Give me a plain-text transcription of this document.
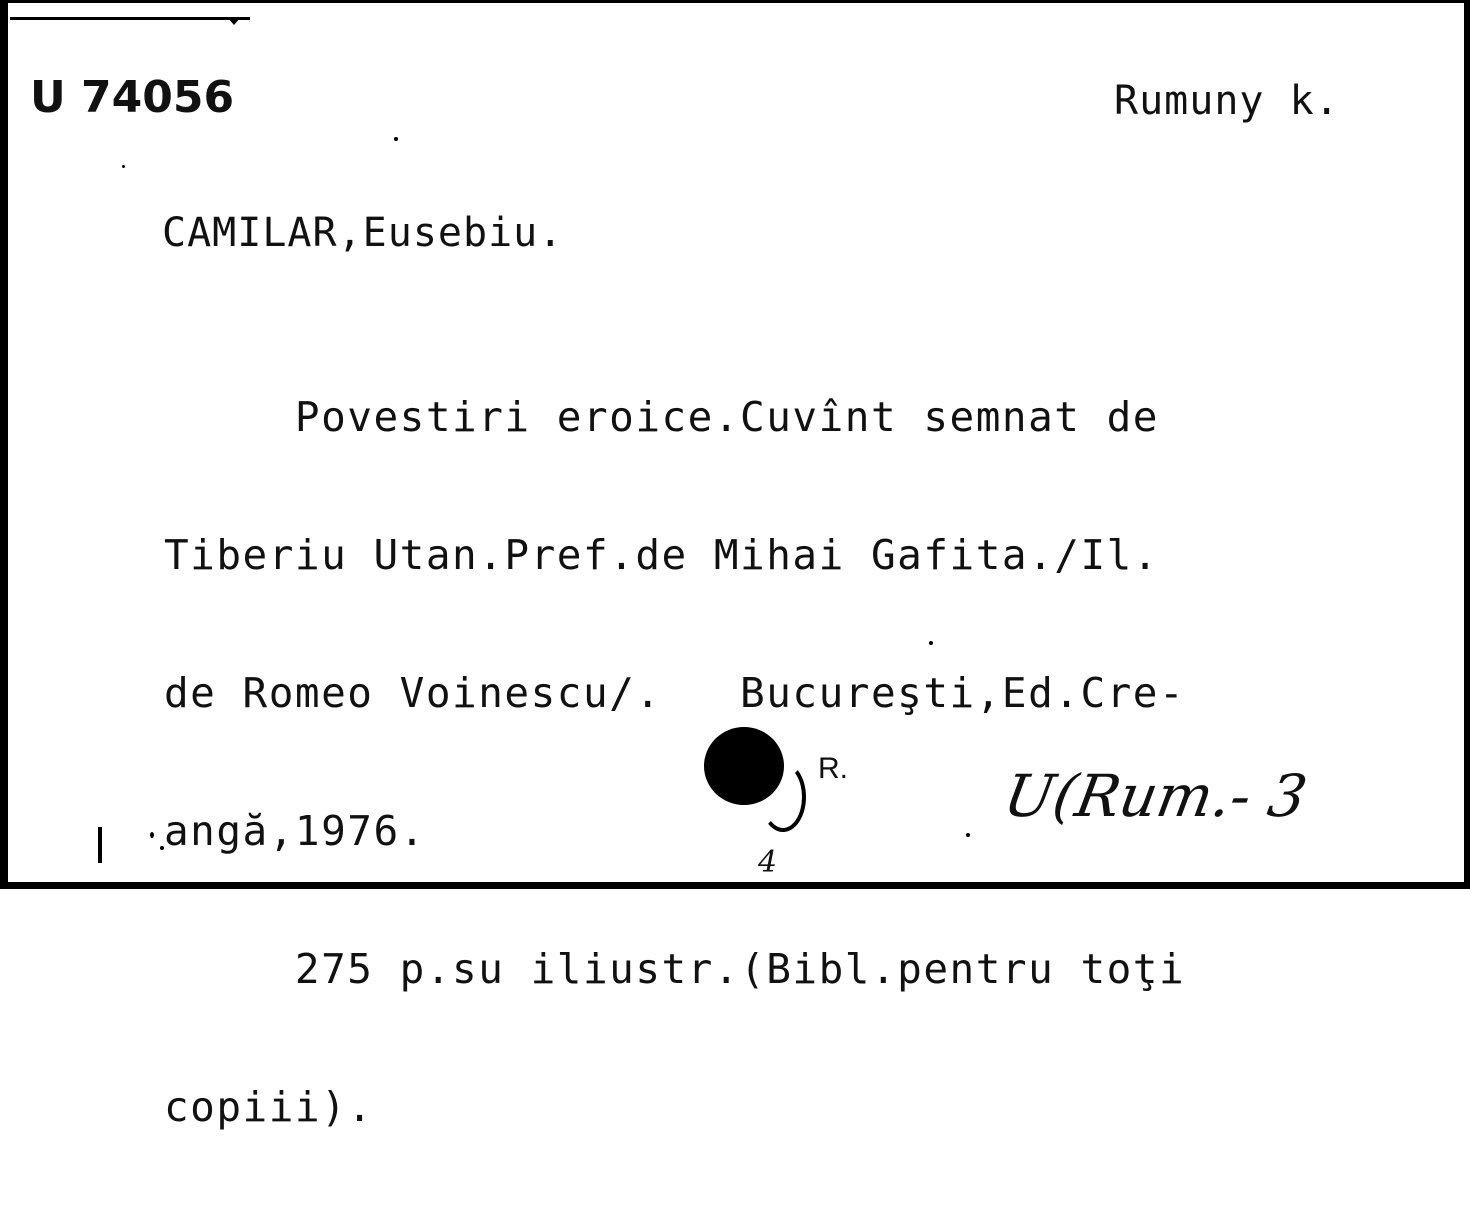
U 74056	Rumuny k.
CAMILAR,Eusebiu.

Povestiri eroice.Cuvînt semnat de

Tiberiu Utan.Pref.de Mihai Gafita./Il.

de Romeo Voinescu/.   Bucureşti,Ed.Cre-

angă,1976.

275 p.su iliustr.(Bibl.pentru toţi

copiii).

R.	U(Rum.- 3
4
